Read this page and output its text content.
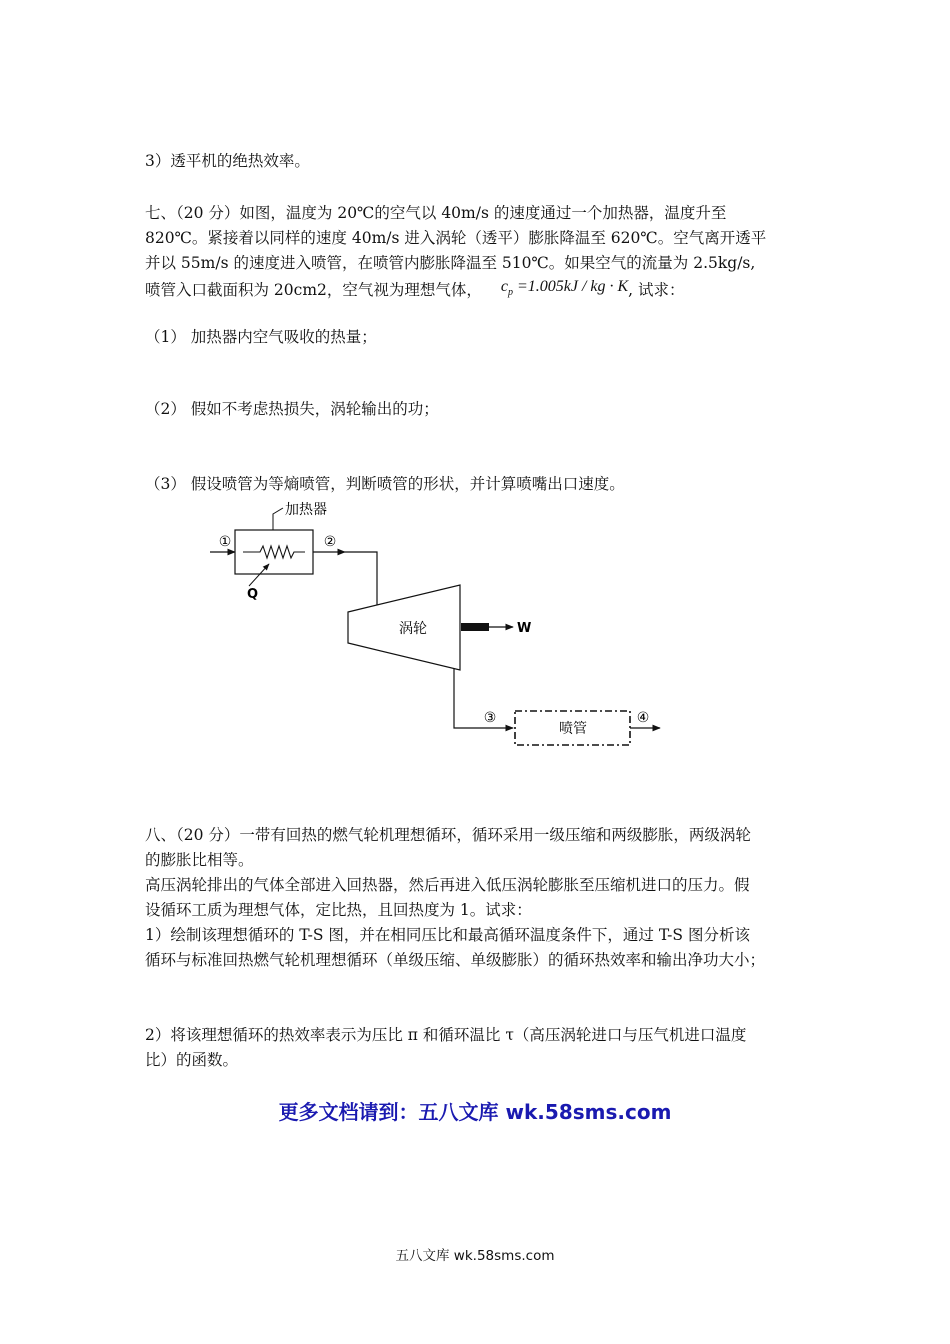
3）透平机的绝热效率。
七、（20 分）如图，温度为 20℃的空气以 40m/s 的速度通过一个加热器，温度升至
820℃。紧接着以同样的速度 40m/s 进入涡轮（透平）膨胀降温至 620℃。空气离开透平
并以 55m/s 的速度进入喷管，在喷管内膨胀降温至 510℃。如果空气的流量为 2.5kg/s,
喷管入口截面积为 20cm2，空气视为理想气体， $c_p =1.005kJ$ / kg · K, 试求：
（1） 加热器内空气吸收的热量；
（2） 假如不考虑热损失，涡轮输出的功；
（3） 假设喷管为等熵喷管，判断喷管的形状，并计算喷嘴出口速度。
①
加热器
Q
②
涡轮	W
③
喷管
④
八、（20 分）一带有回热的燃气轮机理想循环，循环采用一级压缩和两级膨胀，两级涡轮
的膨胀比相等。
高压涡轮排出的气体全部进入回热器，然后再进入低压涡轮膨胀至压缩机进口的压力。假
设循环工质为理想气体，定比热，且回热度为 1。试求：
1）绘制该理想循环的 T-S 图，并在相同压比和最高循环温度条件下，通过 T-S 图分析该
循环与标准回热燃气轮机理想循环（单级压缩、单级膨胀）的循环热效率和输出净功大小；
2）将该理想循环的热效率表示为压比 π 和循环温比 τ（高压涡轮进口与压气机进口温度
比）的函数。
更多文档请到：五八文库 wk.58sms.com
五八文库 wk.58sms.com
